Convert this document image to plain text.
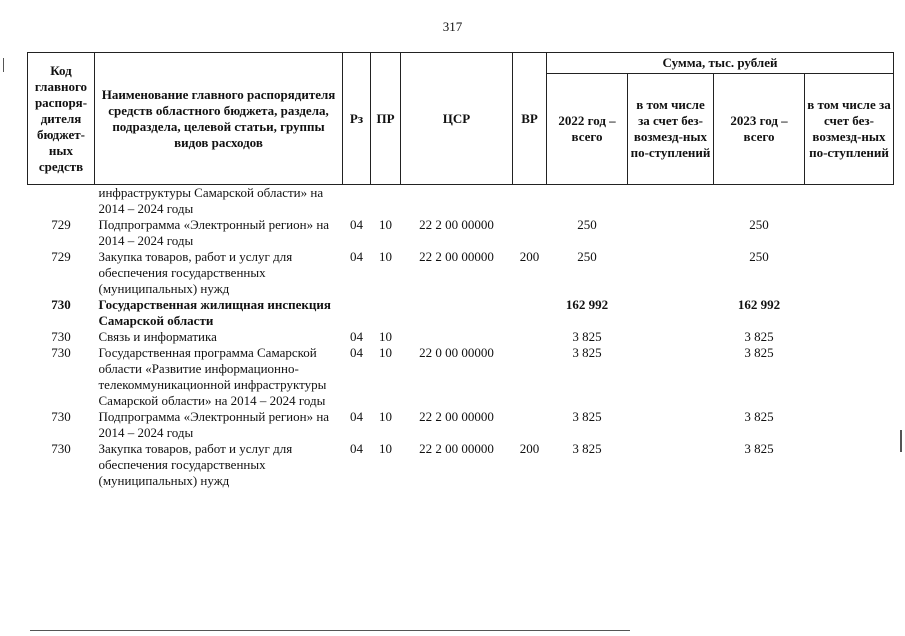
317
Код главного распоря-дителя бюджет-ных средств	Наименование главного распорядителя средств областного бюджета, раздела, подраздела, целевой статьи, группы видов расходов	Рз	ПР	ЦСР	ВР	Сумма, тыс. рублей			
						2022 год – всего	в том числе за счет без-возмезд-ных по-ступлений	2023 год – всего	в том числе за счет без-возмезд-ных по-ступлений
	инфраструктуры Самарской области» на 2014 – 2024 годы								
729	Подпрограмма «Электронный регион» на 2014 – 2024 годы	04	10	22 2 00 00000		250		250	
729	Закупка товаров, работ и услуг для обеспечения государственных (муниципальных) нужд	04	10	22 2 00 00000	200	250		250	
730	Государственная жилищная инспекция Самарской области					162 992		162 992	
730	Связь и информатика	04	10			3 825		3 825	
730	Государственная программа Самарской области «Развитие информационно-телекоммуникационной инфраструктуры Самарской области» на 2014 – 2024 годы	04	10	22 0 00 00000		3 825		3 825	
730	Подпрограмма «Электронный регион» на 2014 – 2024 годы	04	10	22 2 00 00000		3 825		3 825	
730	Закупка товаров, работ и услуг для обеспечения государственных (муниципальных) нужд	04	10	22 2 00 00000	200	3 825		3 825	
